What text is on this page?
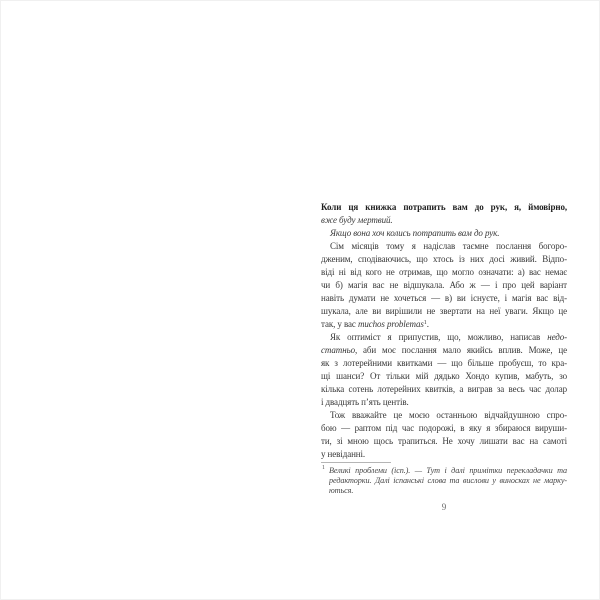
Коли ця книжка потрапить вам до рук, я, ймовірно,
вже буду мертвий.
Якщо вона хоч колись потрапить вам до рук.
Сім місяців тому я надіслав таємне послання богоро-
дженим, сподіваючись, що хтось із них досі живий. Відпо-
віді ні від кого не отримав, що могло означати: а) вас немає
чи б) магія вас не відшукала. Або ж — і про цей варіант
навіть думати не хочеться — в) ви існуєте, і магія вас від-
шукала, але ви вирішили не звертати на неї уваги. Якщо це
так, у вас muchos problemas$^1$.
Як оптиміст я припустив, що, можливо, написав недо-
статньо, аби моє послання мало якийсь вплив. Може, це
як з лотерейними квитками — що більше пробуєш, то кра-
щі шанси? От тільки мій дядько Хондо купив, мабуть, зо
кілька сотень лотерейних квитків, а виграв за весь час долар
і двадцять п’ять центів.
Тож вважайте це моєю останньою відчайдушною спро-
бою — раптом під час подорожі, в яку я збираюся вируши-
ти, зі мною щось трапиться. Не хочу лишати вас на самоті
у невіданні.
1 Великі проблеми (ісп.). — Тут і далі примітки перекладачки та
редакторки. Далі іспанські слова та вислови у виносках не марку-
ються.
9
